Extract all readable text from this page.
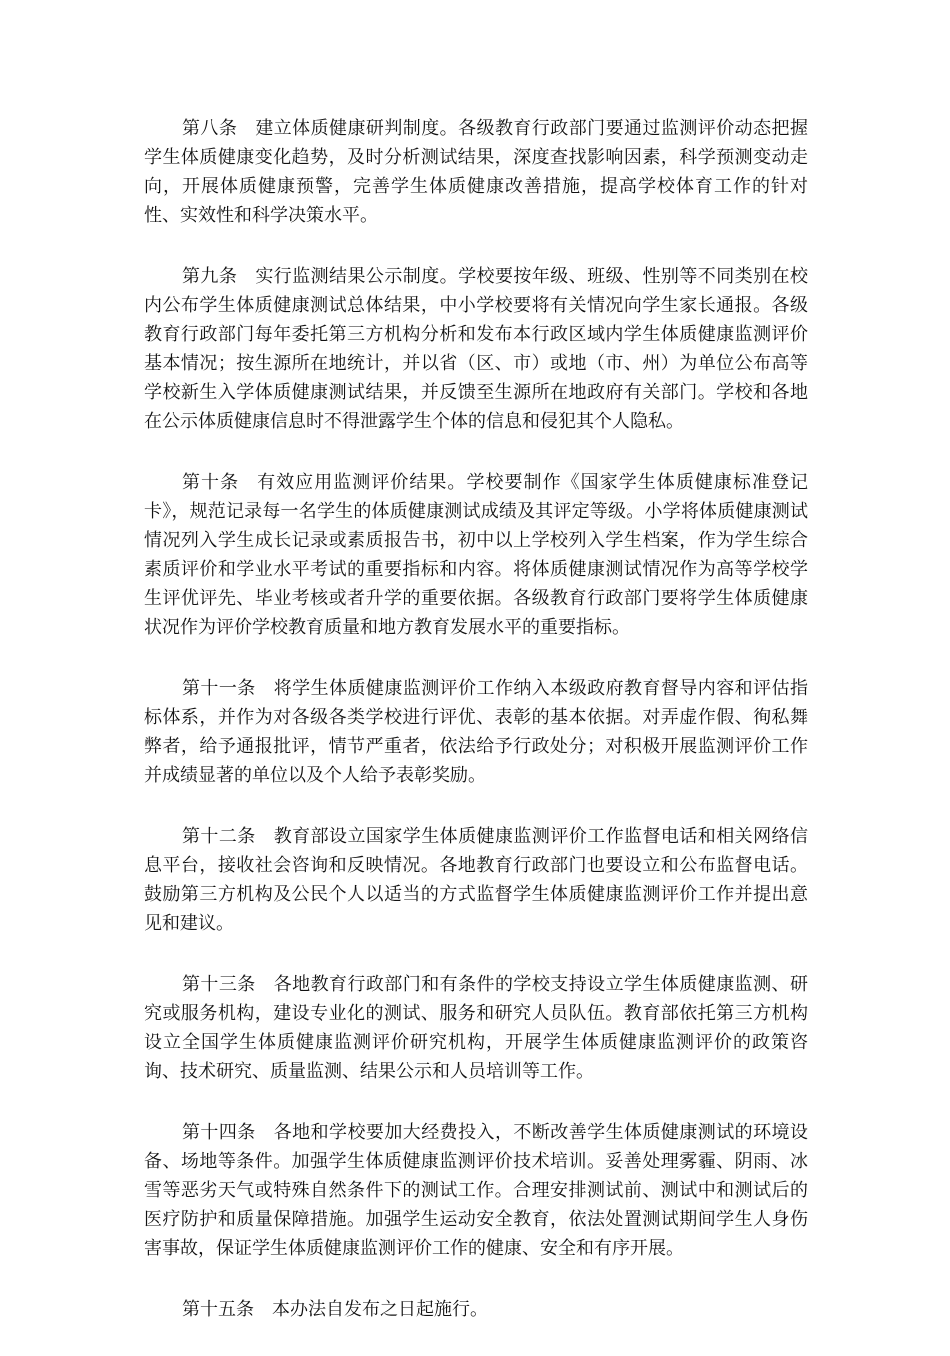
第八条 建立体质健康研判制度。各级教育行政部门要通过监测评价动态把握学生体质健康变化趋势，及时分析测试结果，深度查找影响因素，科学预测变动走向，开展体质健康预警，完善学生体质健康改善措施，提高学校体育工作的针对性、实效性和科学决策水平。

第九条 实行监测结果公示制度。学校要按年级、班级、性别等不同类别在校内公布学生体质健康测试总体结果，中小学校要将有关情况向学生家长通报。各级教育行政部门每年委托第三方机构分析和发布本行政区域内学生体质健康监测评价基本情况；按生源所在地统计，并以省（区、市）或地（市、州）为单位公布高等学校新生入学体质健康测试结果，并反馈至生源所在地政府有关部门。学校和各地在公示体质健康信息时不得泄露学生个体的信息和侵犯其个人隐私。

第十条 有效应用监测评价结果。学校要制作《国家学生体质健康标准登记卡》，规范记录每一名学生的体质健康测试成绩及其评定等级。小学将体质健康测试情况列入学生成长记录或素质报告书，初中以上学校列入学生档案，作为学生综合素质评价和学业水平考试的重要指标和内容。将体质健康测试情况作为高等学校学生评优评先、毕业考核或者升学的重要依据。各级教育行政部门要将学生体质健康状况作为评价学校教育质量和地方教育发展水平的重要指标。

第十一条 将学生体质健康监测评价工作纳入本级政府教育督导内容和评估指标体系，并作为对各级各类学校进行评优、表彰的基本依据。对弄虚作假、徇私舞弊者，给予通报批评，情节严重者，依法给予行政处分；对积极开展监测评价工作并成绩显著的单位以及个人给予表彰奖励。

第十二条 教育部设立国家学生体质健康监测评价工作监督电话和相关网络信息平台，接收社会咨询和反映情况。各地教育行政部门也要设立和公布监督电话。鼓励第三方机构及公民个人以适当的方式监督学生体质健康监测评价工作并提出意见和建议。

第十三条 各地教育行政部门和有条件的学校支持设立学生体质健康监测、研究或服务机构，建设专业化的测试、服务和研究人员队伍。教育部依托第三方机构设立全国学生体质健康监测评价研究机构，开展学生体质健康监测评价的政策咨询、技术研究、质量监测、结果公示和人员培训等工作。

第十四条 各地和学校要加大经费投入，不断改善学生体质健康测试的环境设备、场地等条件。加强学生体质健康监测评价技术培训。妥善处理雾霾、阴雨、冰雪等恶劣天气或特殊自然条件下的测试工作。合理安排测试前、测试中和测试后的医疗防护和质量保障措施。加强学生运动安全教育，依法处置测试期间学生人身伤害事故，保证学生体质健康监测评价工作的健康、安全和有序开展。

第十五条 本办法自发布之日起施行。
